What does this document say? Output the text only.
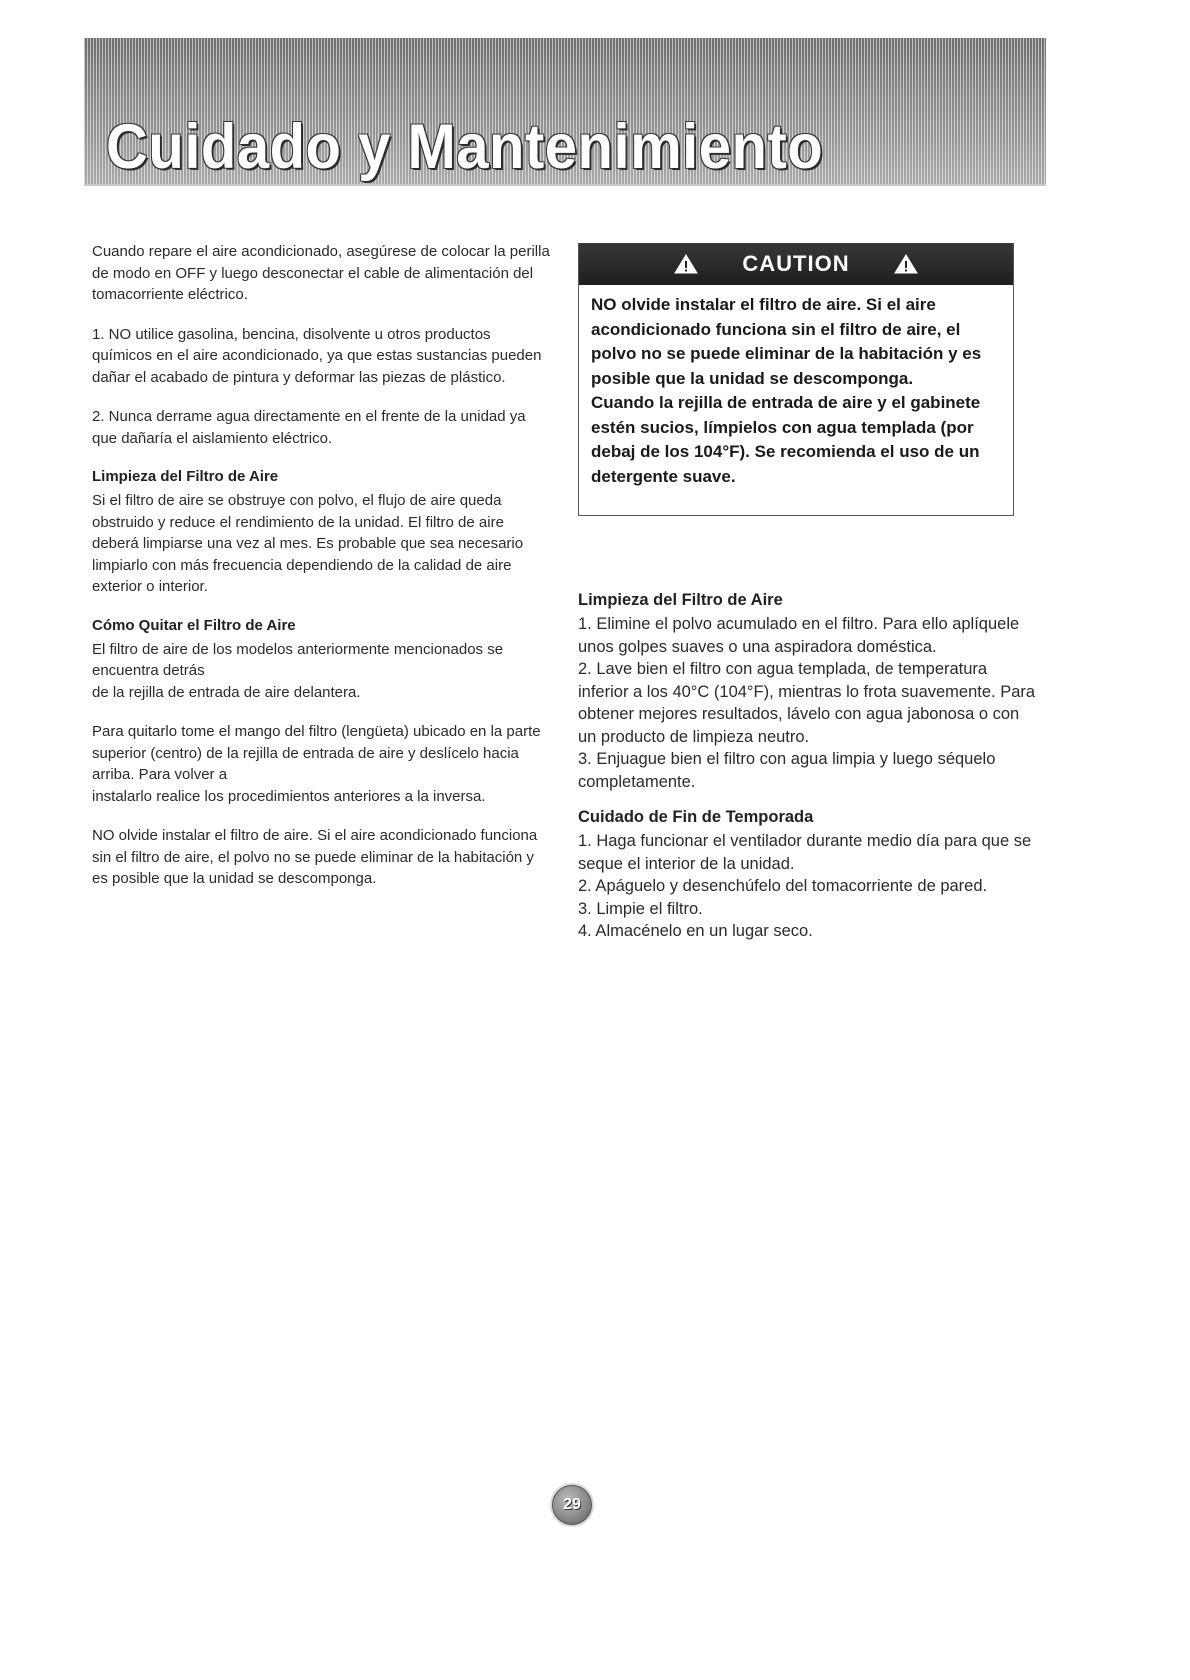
Cuidado y Mantenimiento

Cuando repare el aire acondicionado, asegúrese de colocar la perilla de modo en OFF y luego desconectar el cable de alimentación del tomacorriente eléctrico.

1. NO utilice gasolina, bencina, disolvente u otros productos químicos en el aire acondicionado, ya que estas sustancias pueden dañar el acabado de pintura y deformar las piezas de plástico.

2. Nunca derrame agua directamente en el frente de la unidad ya que dañaría el aislamiento eléctrico.

Limpieza del Filtro de Aire

Si el filtro de aire se obstruye con polvo, el flujo de aire queda obstruido y reduce el rendimiento de la unidad. El filtro de aire deberá limpiarse una vez al mes. Es probable que sea necesario limpiarlo con más frecuencia dependiendo de la calidad de aire exterior o interior.

Cómo Quitar el Filtro de Aire

El filtro de aire de los modelos anteriormente mencionados se encuentra detrás

de la rejilla de entrada de aire delantera.

Para quitarlo tome el mango del filtro (lengüeta) ubicado en la parte superior (centro) de la rejilla de entrada de aire y deslícelo hacia arriba. Para volver a

instalarlo realice los procedimientos anteriores a la inversa.

NO olvide instalar el filtro de aire. Si el aire acondicionado funciona sin el filtro de aire, el polvo no se puede eliminar de la habitación y es posible que la unidad se descomponga.

CAUTION

NO olvide instalar el filtro de aire. Si el aire acondicionado funciona sin el filtro de aire, el polvo no se puede eliminar de la habitación y es posible que la unidad se descomponga.

Cuando la rejilla de entrada de aire y el gabinete estén sucios, límpielos con agua templada (por debaj de los 104°F). Se recomienda el uso de un detergente suave.

Limpieza del Filtro de Aire
1. Elimine el polvo acumulado en el filtro. Para ello aplíquele unos golpes suaves o una aspiradora doméstica.
2. Lave bien el filtro con agua templada, de temperatura inferior a los 40°C (104°F), mientras lo frota suavemente. Para obtener mejores resultados, lávelo con agua jabonosa o con un producto de limpieza neutro.
3. Enjuague bien el filtro con agua limpia y luego séquelo completamente.
Cuidado de Fin de Temporada
1. Haga funcionar el ventilador durante medio día para que se seque el interior de la unidad.
2. Apáguelo y desenchúfelo del tomacorriente de pared.
3. Limpie el filtro.
4. Almacénelo en un lugar seco.
29
